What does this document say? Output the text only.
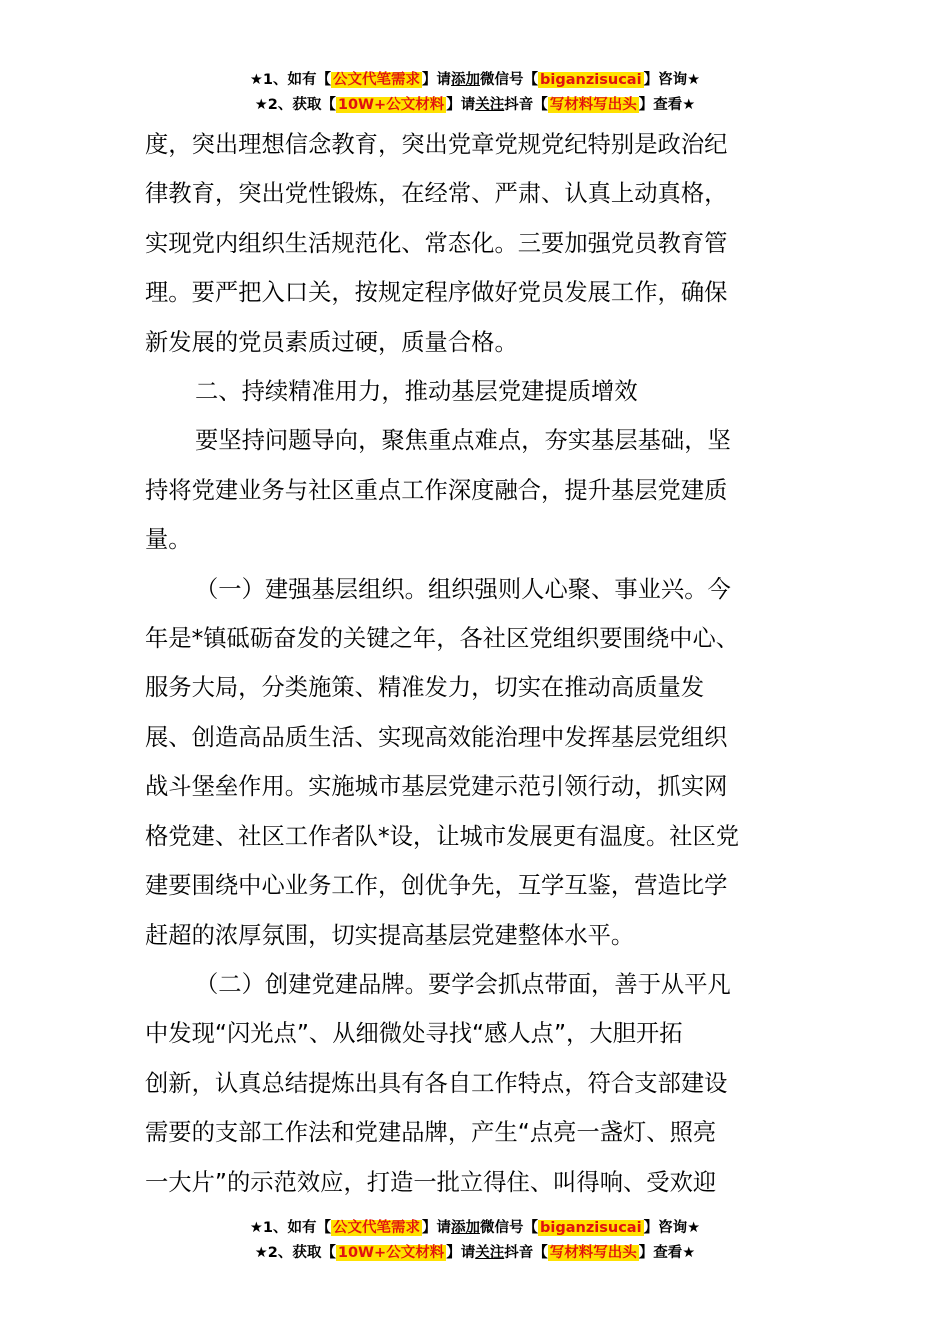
★1、如有【 公文代笔需求 】请添加微信号【 biganzisucai 】咨询★
★2、获取【 10W+公文材料 】请关注抖音【 写材料写出头 】查看★

度，突出理想信念教育，突出党章党规党纪特别是政治纪

律教育，突出党性锻炼，在经常、严肃、认真上动真格，

实现党内组织生活规范化、常态化。三要加强党员教育管

理。要严把入口关，按规定程序做好党员发展工作，确保

新发展的党员素质过硬，质量合格。

二、持续精准用力，推动基层党建提质增效

要坚持问题导向，聚焦重点难点，夯实基层基础，坚

持将党建业务与社区重点工作深度融合，提升基层党建质

量。

（一）建强基层组织。组织强则人心聚、事业兴。今

年是*镇砥砺奋发的关键之年，各社区党组织要围绕中心、

服务大局，分类施策、精准发力，切实在推动高质量发

展、创造高品质生活、实现高效能治理中发挥基层党组织

战斗堡垒作用。实施城市基层党建示范引领行动，抓实网

格党建、社区工作者队*设，让城市发展更有温度。社区党

建要围绕中心业务工作，创优争先，互学互鉴，营造比学

赶超的浓厚氛围，切实提高基层党建整体水平。

（二）创建党建品牌。要学会抓点带面，善于从平凡

中发现“闪光点”、从细微处寻找“感人点”，大胆开拓

创新，认真总结提炼出具有各自工作特点，符合支部建设

需要的支部工作法和党建品牌，产生“点亮一盏灯、照亮

一大片”的示范效应，打造一批立得住、叫得响、受欢迎

★1、如有【 公文代笔需求 】请添加微信号【 biganzisucai 】咨询★
★2、获取【 10W+公文材料 】请关注抖音【 写材料写出头 】查看★
